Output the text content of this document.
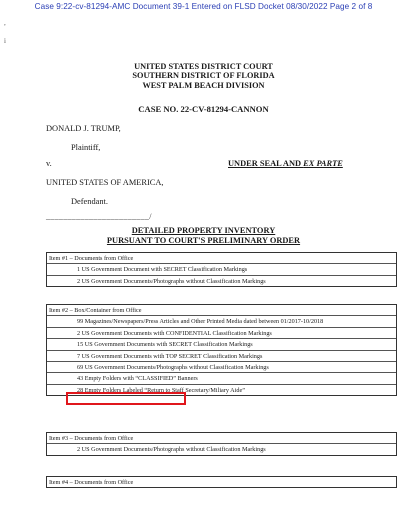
Case 9:22-cv-81294-AMC Document 39-1 Entered on FLSD Docket 08/30/2022 Page 2 of 8
,
i
UNITED STATES DISTRICT COURT
SOUTHERN DISTRICT OF FLORIDA
WEST PALM BEACH DIVISION
CASE NO. 22-CV-81294-CANNON
DONALD J. TRUMP,
Plaintiff,
v.	UNDER SEAL AND EX PARTE
UNITED STATES OF AMERICA,
Defendant.
________________________/
DETAILED PROPERTY INVENTORY
PURSUANT TO COURT'S PRELIMINARY ORDER
Item #1 – Documents from Office
1 US Government Document with SECRET Classification Markings
2 US Government Documents/Photographs without Classification Markings
Item #2 – Box/Container from Office
99 Magazines/Newspapers/Press Articles and Other Printed Media dated between 01/2017-10/2018
2 US Government Documents with CONFIDENTIAL Classification Markings
15 US Government Documents with SECRET Classification Markings
7 US Government Documents with TOP SECRET Classification Markings
69 US Government Documents/Photographs without Classification Markings
43 Empty Folders with “CLASSIFIED” Banners
28 Empty Folders Labeled “Return to Staff Secretary/Miliary Aide”
Item #3 – Documents from Office
2 US Government Documents/Photographs without Classification Markings
Item #4 – Documents from Office
